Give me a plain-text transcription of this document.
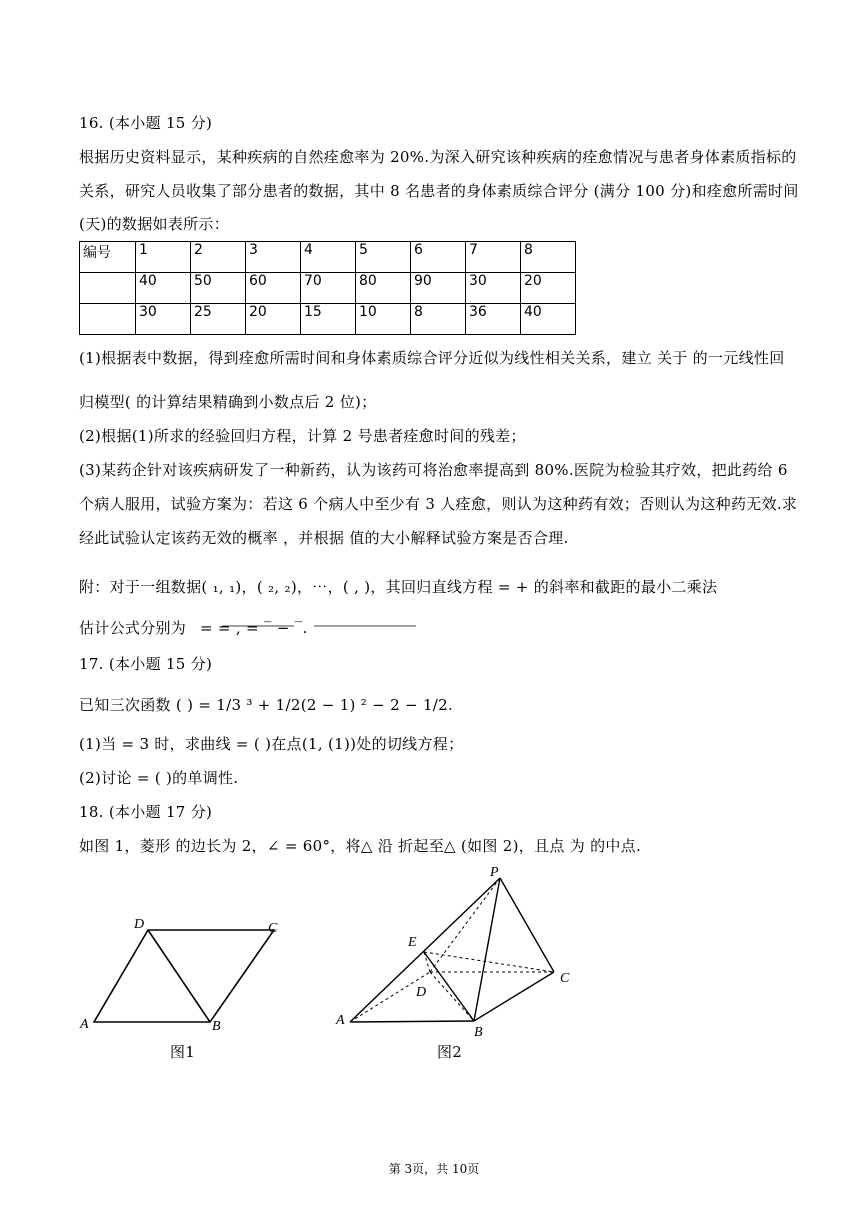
16. (本小题 15 分)
根据历史资料显示，某种疾病的自然痊愈率为 20%.为深入研究该种疾病的痊愈情况与患者身体素质指标的
关系，研究人员收集了部分患者的数据，其中 8 名患者的身体素质综合评分 (满分 100 分)和痊愈所需时间
(天)的数据如表所示：
编号	1	2	3	4	5	6	7	8
	40	50	60	70	80	90	30	20
	30	25	20	15	10	8	36	40
(1)根据表中数据，得到痊愈所需时间和身体素质综合评分近似为线性相关关系，建立 关于 的一元线性回
归模型( 的计算结果精确到小数点后 2 位)；
(2)根据(1)所求的经验回归方程，计算 2 号患者痊愈时间的残差；
(3)某药企针对该疾病研发了一种新药，认为该药可将治愈率提高到 80%.医院为检验其疗效，把此药给 6
个病人服用，试验方案为：若这 6 个病人中至少有 3 人痊愈，则认为这种药有效；否则认为这种药无效.求
经此试验认定该药无效的概率 ，并根据 值的大小解释试验方案是否合理.
附：对于一组数据( ₁, ₁)，( ₂, ₂)，⋯，( , )，其回归直线方程 = + 的斜率和截距的最小二乘法
估计公式分别为 = = , = ‾ − ‾.
17. (本小题 15 分)
已知三次函数 ( ) = 1/3 ³ + 1/2(2 − 1) ² − 2 − 1/2.
(1)当 = 3 时，求曲线 = ( )在点(1, (1))处的切线方程；
(2)讨论 = ( )的单调性.
18. (本小题 17 分)
如图 1，菱形 的边长为 2，∠ = 60°，将△ 沿 折起至△ (如图 2)，且点 为 的中点.
A	B
C
D
图1
P
E
D
C
A
B
图2
第 3页，共 10页
